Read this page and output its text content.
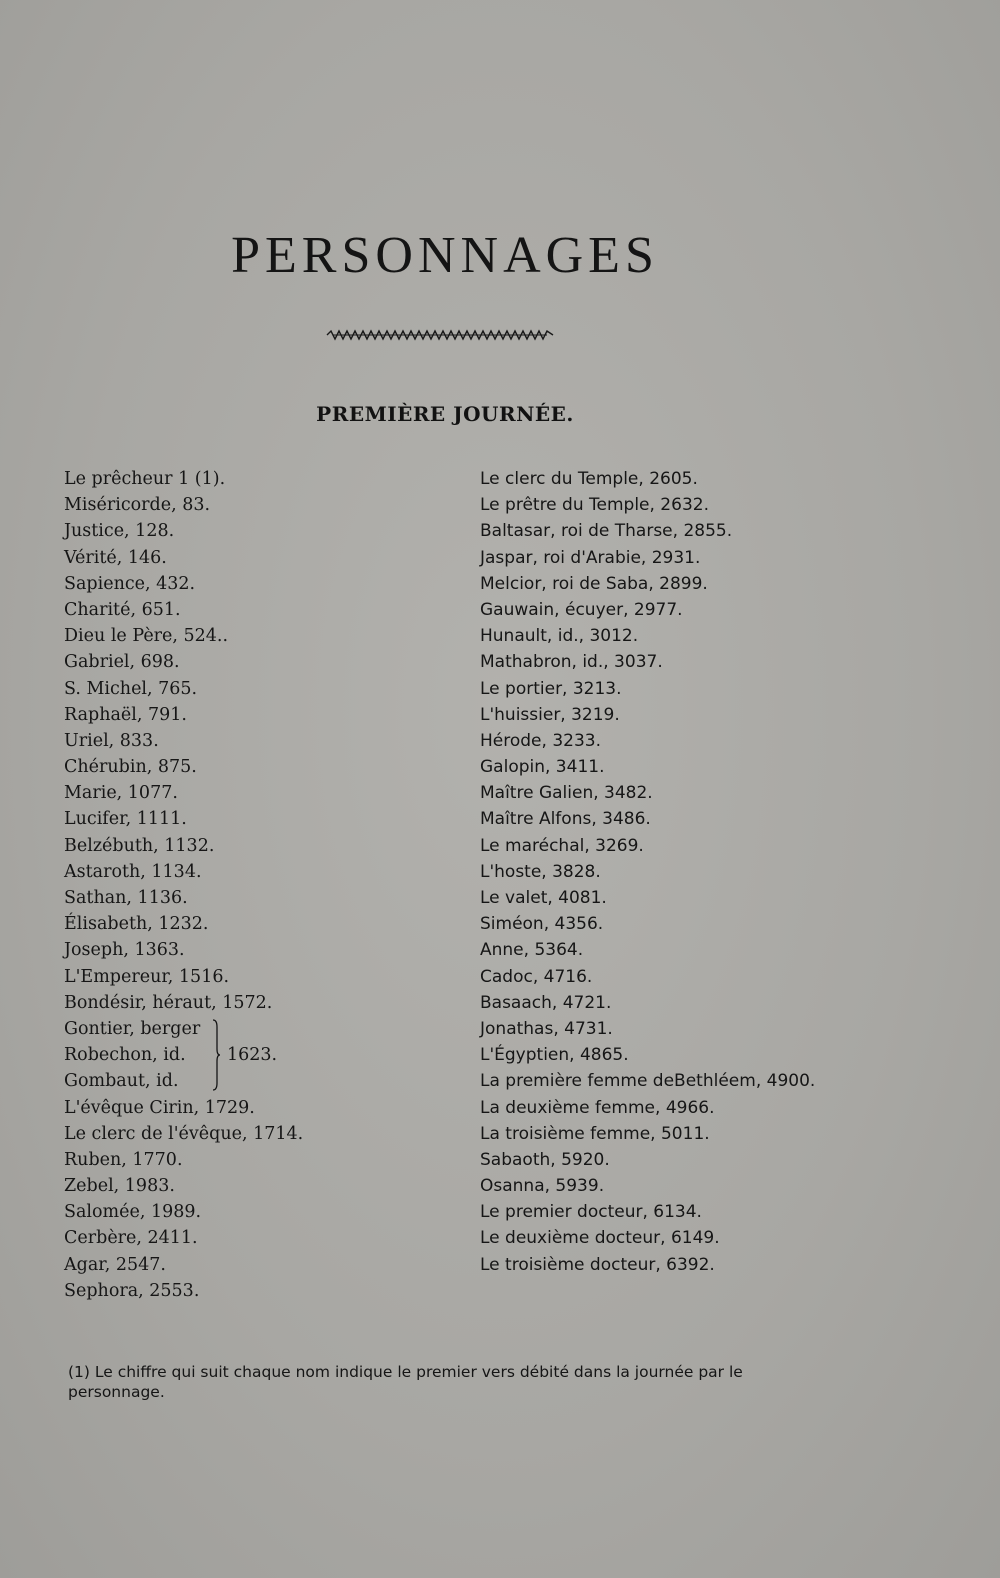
PERSONNAGES
PREMIÈRE JOURNÉE.
Le prêcheur 1 (1).
Miséricorde, 83.
Justice, 128.
Vérité, 146.
Sapience, 432.
Charité, 651.
Dieu le Père, 524..
Gabriel, 698.
S. Michel, 765.
Raphaël, 791.
Uriel, 833.
Chérubin, 875.
Marie, 1077.
Lucifer, 1111.
Belzébuth, 1132.
Astaroth, 1134.
Sathan, 1136.
Élisabeth, 1232.
Joseph, 1363.
L'Empereur, 1516.
Bondésir, héraut, 1572.
Gontier, berger
Robechon, id.
Gombaut, id.
1623.
L'évêque Cirin, 1729.
Le clerc de l'évêque, 1714.
Ruben, 1770.
Zebel, 1983.
Salomée, 1989.
Cerbère, 2411.
Agar, 2547.
Sephora, 2553.
Le clerc du Temple, 2605.
Le prêtre du Temple, 2632.
Baltasar, roi de Tharse, 2855.
Jaspar, roi d'Arabie, 2931.
Melcior, roi de Saba, 2899.
Gauwain, écuyer, 2977.
Hunault, id., 3012.
Mathabron, id., 3037.
Le portier, 3213.
L'huissier, 3219.
Hérode, 3233.
Galopin, 3411.
Maître Galien, 3482.
Maître Alfons, 3486.
Le maréchal, 3269.
L'hoste, 3828.
Le valet, 4081.
Siméon, 4356.
Anne, 5364.
Cadoc, 4716.
Basaach, 4721.
Jonathas, 4731.
L'Égyptien, 4865.
La première femme deBethléem, 4900.
La deuxième femme, 4966.
La troisième femme, 5011.
Sabaoth, 5920.
Osanna, 5939.
Le premier docteur, 6134.
Le deuxième docteur, 6149.
Le troisième docteur, 6392.
(1) Le chiffre qui suit chaque nom indique le premier vers débité dans la journée par le personnage.
